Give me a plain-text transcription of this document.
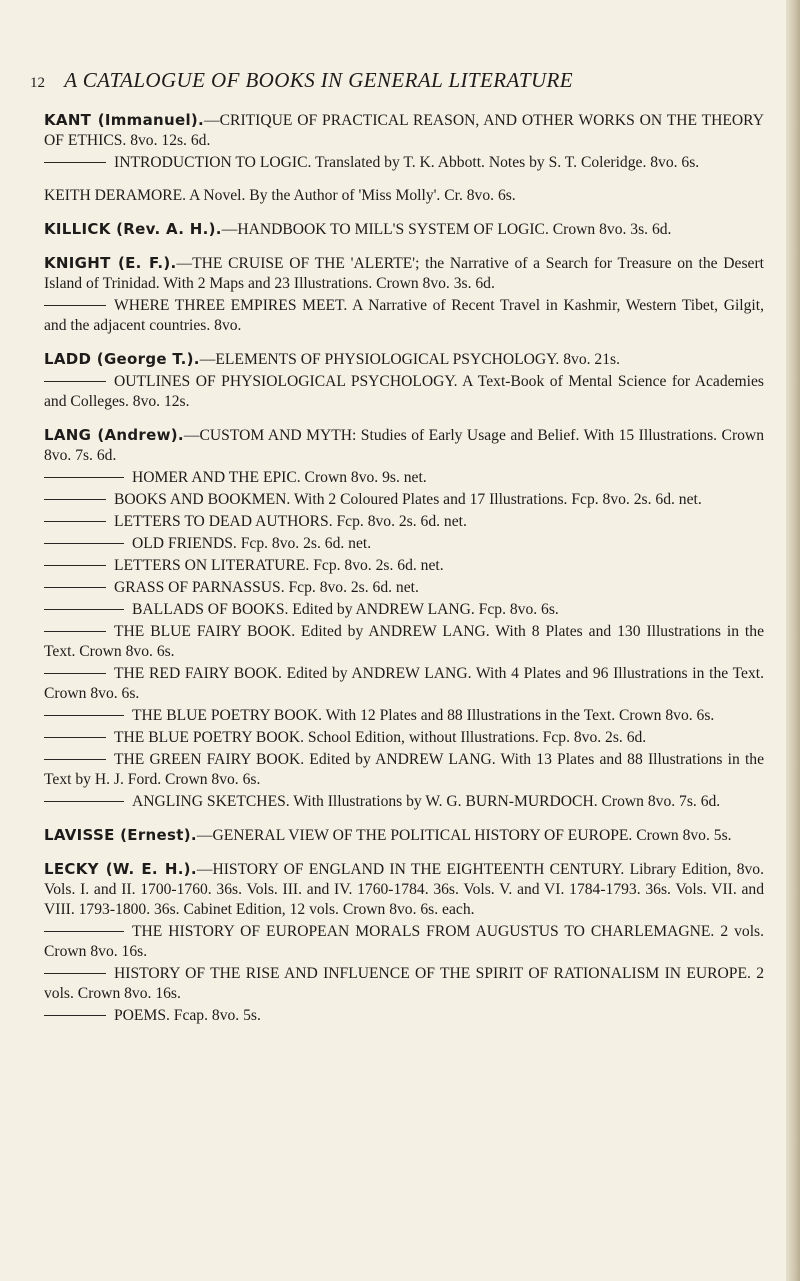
12 A CATALOGUE OF BOOKS IN GENERAL LITERATURE
KANT (Immanuel).—CRITIQUE OF PRACTICAL REASON, AND OTHER WORKS ON THE THEORY OF ETHICS. 8vo. 12s. 6d.
INTRODUCTION TO LOGIC. Translated by T. K. Abbott. Notes by S. T. Coleridge. 8vo. 6s.
KEITH DERAMORE. A Novel. By the Author of 'Miss Molly'. Cr. 8vo. 6s.
KILLICK (Rev. A. H.).—HANDBOOK TO MILL'S SYSTEM OF LOGIC. Crown 8vo. 3s. 6d.
KNIGHT (E. F.).—THE CRUISE OF THE 'ALERTE'; the Narrative of a Search for Treasure on the Desert Island of Trinidad. With 2 Maps and 23 Illustrations. Crown 8vo. 3s. 6d.
WHERE THREE EMPIRES MEET. A Narrative of Recent Travel in Kashmir, Western Tibet, Gilgit, and the adjacent countries. 8vo.
LADD (George T.).—ELEMENTS OF PHYSIOLOGICAL PSYCHOLOGY. 8vo. 21s.
OUTLINES OF PHYSIOLOGICAL PSYCHOLOGY. A Text-Book of Mental Science for Academies and Colleges. 8vo. 12s.
LANG (Andrew).—CUSTOM AND MYTH: Studies of Early Usage and Belief. With 15 Illustrations. Crown 8vo. 7s. 6d.
HOMER AND THE EPIC. Crown 8vo. 9s. net.
BOOKS AND BOOKMEN. With 2 Coloured Plates and 17 Illustrations. Fcp. 8vo. 2s. 6d. net.
LETTERS TO DEAD AUTHORS. Fcp. 8vo. 2s. 6d. net.
OLD FRIENDS. Fcp. 8vo. 2s. 6d. net.
LETTERS ON LITERATURE. Fcp. 8vo. 2s. 6d. net.
GRASS OF PARNASSUS. Fcp. 8vo. 2s. 6d. net.
BALLADS OF BOOKS. Edited by ANDREW LANG. Fcp. 8vo. 6s.
THE BLUE FAIRY BOOK. Edited by ANDREW LANG. With 8 Plates and 130 Illustrations in the Text. Crown 8vo. 6s.
THE RED FAIRY BOOK. Edited by ANDREW LANG. With 4 Plates and 96 Illustrations in the Text. Crown 8vo. 6s.
THE BLUE POETRY BOOK. With 12 Plates and 88 Illustrations in the Text. Crown 8vo. 6s.
THE BLUE POETRY BOOK. School Edition, without Illustrations. Fcp. 8vo. 2s. 6d.
THE GREEN FAIRY BOOK. Edited by ANDREW LANG. With 13 Plates and 88 Illustrations in the Text by H. J. Ford. Crown 8vo. 6s.
ANGLING SKETCHES. With Illustrations by W. G. BURN-MURDOCH. Crown 8vo. 7s. 6d.
LAVISSE (Ernest).—GENERAL VIEW OF THE POLITICAL HISTORY OF EUROPE. Crown 8vo. 5s.
LECKY (W. E. H.).—HISTORY OF ENGLAND IN THE EIGHTEENTH CENTURY. Library Edition, 8vo. Vols. I. and II. 1700-1760. 36s. Vols. III. and IV. 1760-1784. 36s. Vols. V. and VI. 1784-1793. 36s. Vols. VII. and VIII. 1793-1800. 36s. Cabinet Edition, 12 vols. Crown 8vo. 6s. each.
THE HISTORY OF EUROPEAN MORALS FROM AUGUSTUS TO CHARLEMAGNE. 2 vols. Crown 8vo. 16s.
HISTORY OF THE RISE AND INFLUENCE OF THE SPIRIT OF RATIONALISM IN EUROPE. 2 vols. Crown 8vo. 16s.
POEMS. Fcap. 8vo. 5s.
